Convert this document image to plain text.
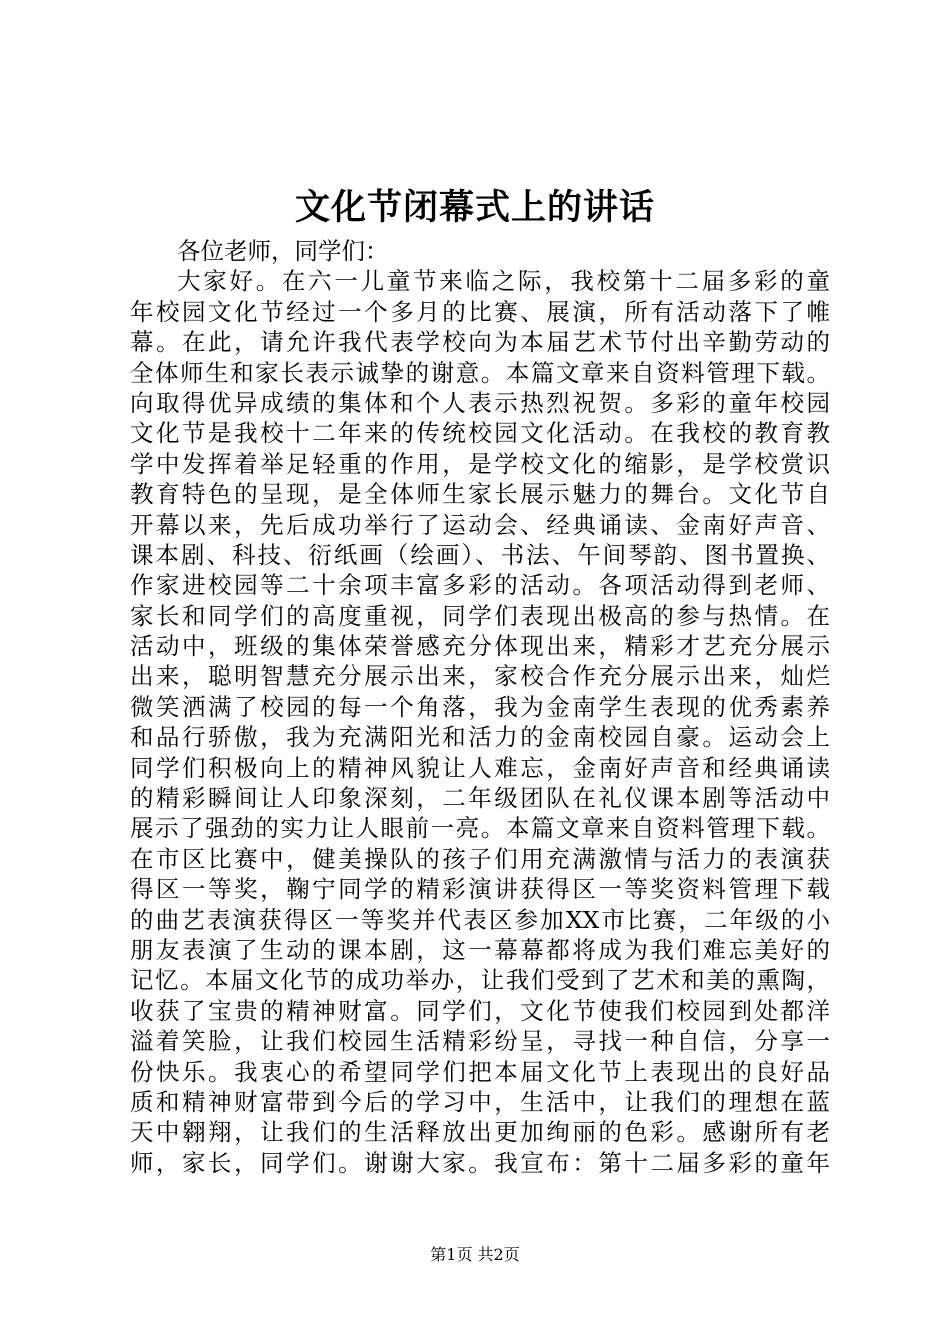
文化节闭幕式上的讲话
各位老师，同学们：
大家好。在六一儿童节来临之际，我校第十二届多彩的童
年校园文化节经过一个多月的比赛、展演，所有活动落下了帷
幕。在此，请允许我代表学校向为本届艺术节付出辛勤劳动的
全体师生和家长表示诚挚的谢意。本篇文章来自资料管理下载。
向取得优异成绩的集体和个人表示热烈祝贺。多彩的童年校园
文化节是我校十二年来的传统校园文化活动。在我校的教育教
学中发挥着举足轻重的作用，是学校文化的缩影，是学校赏识
教育特色的呈现，是全体师生家长展示魅力的舞台。文化节自
开幕以来，先后成功举行了运动会、经典诵读、金南好声音、
课本剧、科技、衍纸画（绘画）、书法、午间琴韵、图书置换、
作家进校园等二十余项丰富多彩的活动。各项活动得到老师、
家长和同学们的高度重视，同学们表现出极高的参与热情。在
活动中，班级的集体荣誉感充分体现出来，精彩才艺充分展示
出来，聪明智慧充分展示出来，家校合作充分展示出来，灿烂
微笑洒满了校园的每一个角落，我为金南学生表现的优秀素养
和品行骄傲，我为充满阳光和活力的金南校园自豪。运动会上
同学们积极向上的精神风貌让人难忘，金南好声音和经典诵读
的精彩瞬间让人印象深刻，二年级团队在礼仪课本剧等活动中
展示了强劲的实力让人眼前一亮。本篇文章来自资料管理下载。
在市区比赛中，健美操队的孩子们用充满激情与活力的表演获
得区一等奖，鞠宁同学的精彩演讲获得区一等奖资料管理下载
的曲艺表演获得区一等奖并代表区参加XX市比赛，二年级的小
朋友表演了生动的课本剧，这一幕幕都将成为我们难忘美好的
记忆。本届文化节的成功举办，让我们受到了艺术和美的熏陶，
收获了宝贵的精神财富。同学们，文化节使我们校园到处都洋
溢着笑脸，让我们校园生活精彩纷呈，寻找一种自信，分享一
份快乐。我衷心的希望同学们把本届文化节上表现出的良好品
质和精神财富带到今后的学习中，生活中，让我们的理想在蓝
天中翱翔，让我们的生活释放出更加绚丽的色彩。感谢所有老
师，家长，同学们。谢谢大家。我宣布：第十二届多彩的童年
第1页 共2页
